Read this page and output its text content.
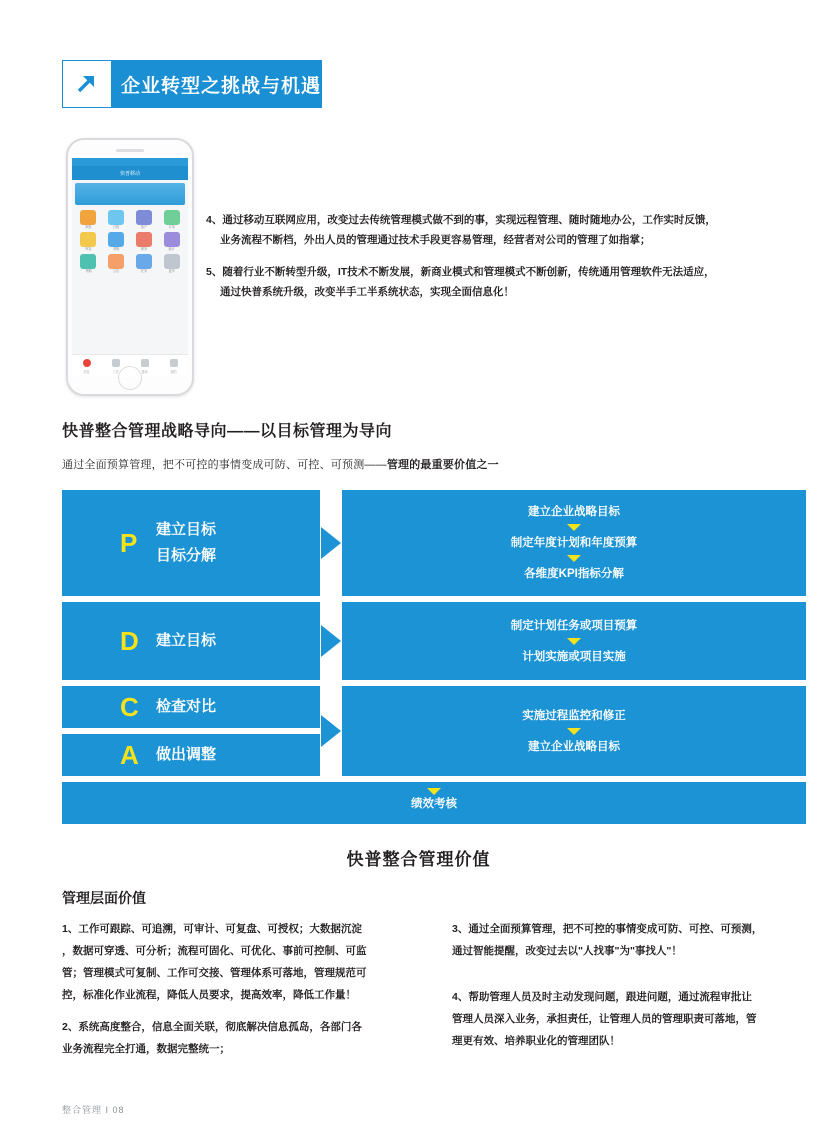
企业转型之挑战与机遇
快普移动
审批	日报	客户	订单
库存	采购	财务	统计
考勤	公告	任务	更多
消息	工作	通讯	我的
4、通过移动互联网应用，改变过去传统管理模式做不到的事，实现远程管理、随时随地办公，工作实时反馈，
业务流程不断档，外出人员的管理通过技术手段更容易管理，经营者对公司的管理了如指掌；
5、随着行业不断转型升级，IT技术不断发展，新商业模式和管理模式不断创新，传统通用管理软件无法适应，
通过快普系统升级，改变半手工半系统状态，实现全面信息化！
快普整合管理战略导向——以目标管理为导向
通过全面预算管理，把不可控的事情变成可防、可控、可预测——管理的最重要价值之一
P 建立目标
目标分解
建立企业战略目标
制定年度计划和年度预算
各维度KPI指标分解
D 建立目标
制定计划任务或项目预算
计划实施或项目实施
C 检查对比
A 做出调整
实施过程监控和修正
建立企业战略目标
绩效考核
快普整合管理价值
管理层面价值

1、工作可跟踪、可追溯，可审计、可复盘、可授权；大数据沉淀
，数据可穿透、可分析；流程可固化、可优化、事前可控制、可监
管；管理模式可复制、工作可交接、管理体系可落地，管理规范可
控，标准化作业流程，降低人员要求，提高效率，降低工作量！

2、系统高度整合，信息全面关联，彻底解决信息孤岛，各部门各
业务流程完全打通，数据完整统一；

3、通过全面预算管理，把不可控的事情变成可防、可控、可预测，
通过智能提醒，改变过去以"人找事"为"事找人"！

4、帮助管理人员及时主动发现问题，跟进问题，通过流程审批让
管理人员深入业务，承担责任，让管理人员的管理职责可落地，管
理更有效、培养职业化的管理团队！

整合管理 I 08
